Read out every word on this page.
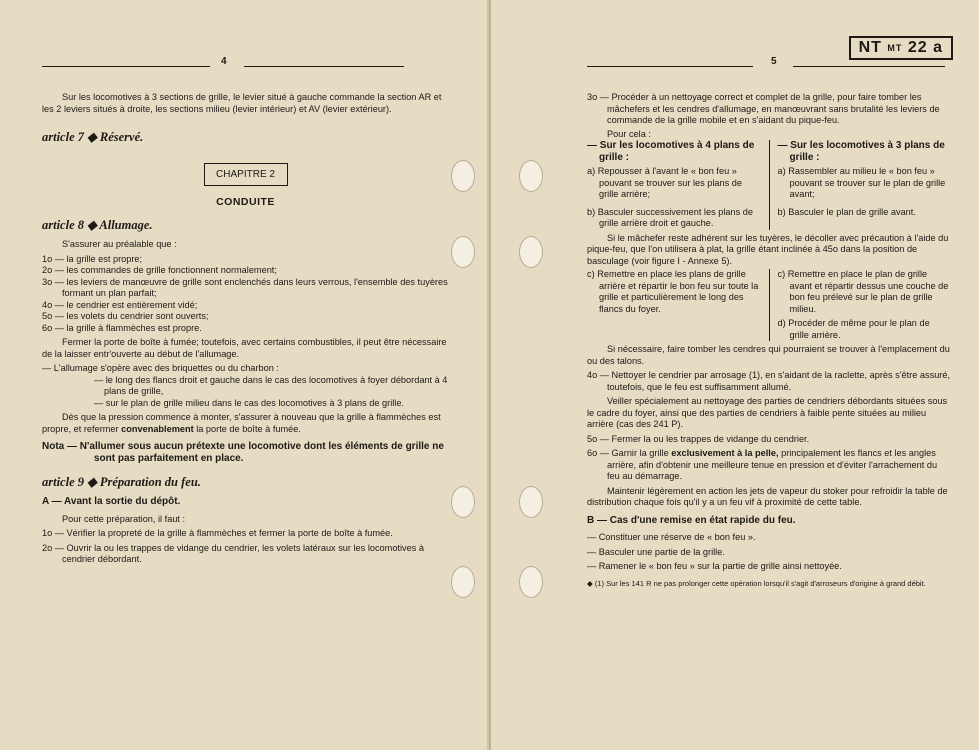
4

Sur les locomotives à 3 sections de grille, le levier situé à gauche commande la section AR et les 2 leviers situés à droite, les sections milieu (levier intérieur) et AV (levier extérieur).

article 7 ◆ Réservé.
CHAPITRE 2
CONDUITE
article 8 ◆ Allumage.

S'assurer au préalable que :

1o — la grille est propre;

2o — les commandes de grille fonctionnent normalement;

3o — les leviers de manœuvre de grille sont enclenchés dans leurs verrous, l'ensemble des tuyères formant un plan parfait;

4o — le cendrier est entièrement vidé;

5o — les volets du cendrier sont ouverts;

6o — la grille à flammèches est propre.

Fermer la porte de boîte à fumée; toutefois, avec certains combustibles, il peut être nécessaire de la laisser entr'ouverte au début de l'allumage.

— L'allumage s'opère avec des briquettes ou du charbon :

— le long des flancs droit et gauche dans le cas des locomotives à foyer débordant à 4 plans de grille,

— sur le plan de grille milieu dans le cas des locomotives à 3 plans de grille.

Dès que la pression commence à monter, s'assurer à nouveau que la grille à flammèches est propre, et refermer convenablement la porte de boîte à fumée.

Nota — N'allumer sous aucun prétexte une locomotive dont les éléments de grille ne sont pas parfaitement en place.

article 9 ◆ Préparation du feu.

A — Avant la sortie du dépôt.

Pour cette préparation, il faut :

1o — Vérifier la propreté de la grille à flammèches et fermer la porte de boîte à fumée.

2o — Ouvrir la ou les trappes de vidange du cendrier, les volets latéraux sur les locomotives à cendrier débordant.

5
NT MT 22 a

3o — Procéder à un nettoyage correct et complet de la grille, pour faire tomber les mâchefers et les cendres d'allumage, en manœuvrant sans brutalité les leviers de commande de la grille mobile et en s'aidant du pique-feu.

Pour cela :

— Sur les locomotives à 4 plans de grille :

a) Repousser à l'avant le « bon feu » pouvant se trouver sur les plans de grille arrière;

b) Basculer successivement les plans de grille arrière droit et gauche.

— Sur les locomotives à 3 plans de grille :

a) Rassembler au milieu le « bon feu » pouvant se trouver sur le plan de grille avant;

b) Basculer le plan de grille avant.

Si le mâchefer reste adhérent sur les tuyères, le décoller avec précaution à l'aide du pique-feu, que l'on utilisera à plat, la grille étant inclinée à 45o dans la position de basculage (voir figure I - Annexe 5).

c) Remettre en place les plans de grille arrière et répartir le bon feu sur toute la grille et particulièrement le long des flancs du foyer.

c) Remettre en place le plan de grille avant et répartir dessus une couche de bon feu prélevé sur le plan de grille milieu.

d) Procéder de même pour le plan de grille arrière.

Si nécessaire, faire tomber les cendres qui pourraient se trouver à l'emplacement du ou des talons.

4o — Nettoyer le cendrier par arrosage (1), en s'aidant de la raclette, après s'être assuré, toutefois, que le feu est suffisamment allumé.

Veiller spécialement au nettoyage des parties de cendriers débordants situées sous le cadre du foyer, ainsi que des parties de cendriers à faible pente situées au milieu arrière (cas des 241 P).

5o — Fermer la ou les trappes de vidange du cendrier.

6o — Garnir la grille exclusivement à la pelle, principalement les flancs et les angles arrière, afin d'obtenir une meilleure tenue en pression et d'éviter l'arrachement du feu au démarrage.

Maintenir légèrement en action les jets de vapeur du stoker pour refroidir la table de distribution chaque fois qu'il y a un feu vif à proximité de cette table.

B — Cas d'une remise en état rapide du feu.

— Constituer une réserve de « bon feu ».

— Basculer une partie de la grille.

— Ramener le « bon feu » sur la partie de grille ainsi nettoyée.

◆ (1) Sur les 141 R ne pas prolonger cette opération lorsqu'il s'agit d'arroseurs d'origine à grand débit.
